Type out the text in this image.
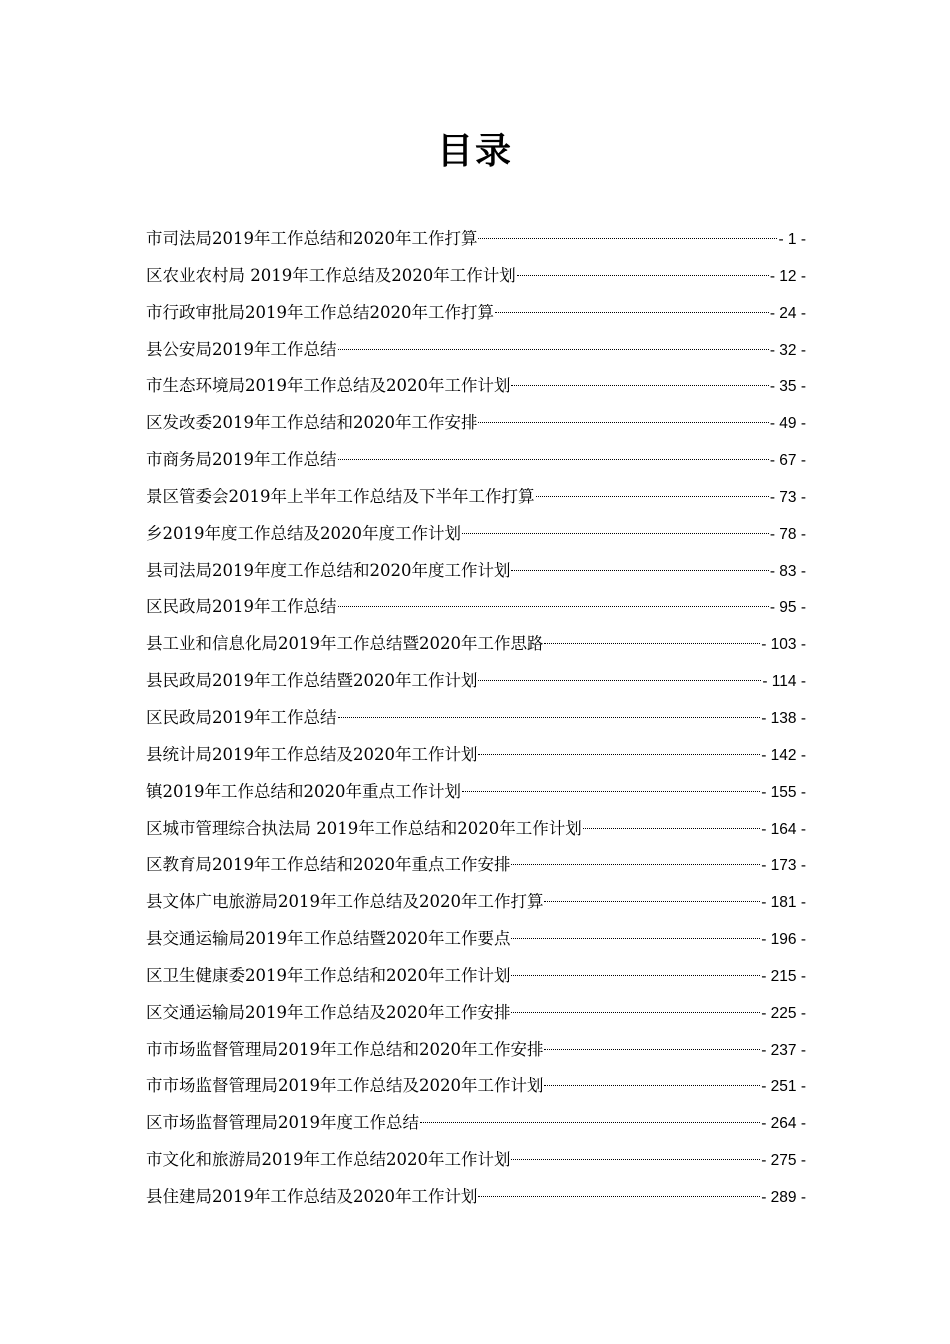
目录
市司法局2019年工作总结和2020年工作打算	- 1 -
区农业农村局 2019年工作总结及2020年工作计划	- 12 -
市行政审批局2019年工作总结2020年工作打算	- 24 -
县公安局2019年工作总结	- 32 -
市生态环境局2019年工作总结及2020年工作计划	- 35 -
区发改委2019年工作总结和2020年工作安排	- 49 -
市商务局2019年工作总结	- 67 -
景区管委会2019年上半年工作总结及下半年工作打算	- 73 -
乡2019年度工作总结及2020年度工作计划	- 78 -
县司法局2019年度工作总结和2020年度工作计划	- 83 -
区民政局2019年工作总结	- 95 -
县工业和信息化局2019年工作总结暨2020年工作思路	- 103 -
县民政局2019年工作总结暨2020年工作计划	- 114 -
区民政局2019年工作总结	- 138 -
县统计局2019年工作总结及2020年工作计划	- 142 -
镇2019年工作总结和2020年重点工作计划	- 155 -
区城市管理综合执法局 2019年工作总结和2020年工作计划	- 164 -
区教育局2019年工作总结和2020年重点工作安排	- 173 -
县文体广电旅游局2019年工作总结及2020年工作打算	- 181 -
县交通运输局2019年工作总结暨2020年工作要点	- 196 -
区卫生健康委2019年工作总结和2020年工作计划	- 215 -
区交通运输局2019年工作总结及2020年工作安排	- 225 -
市市场监督管理局2019年工作总结和2020年工作安排	- 237 -
市市场监督管理局2019年工作总结及2020年工作计划	- 251 -
区市场监督管理局2019年度工作总结	- 264 -
市文化和旅游局2019年工作总结2020年工作计划	- 275 -
县住建局2019年工作总结及2020年工作计划	- 289 -
